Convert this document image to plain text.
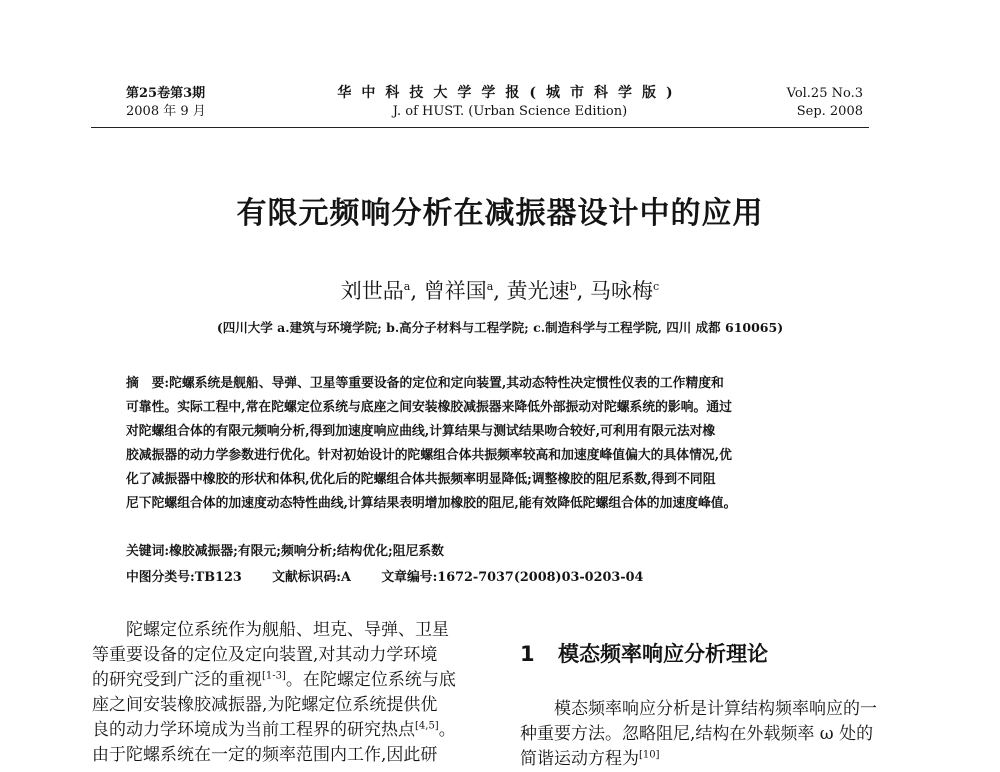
第25卷第3期
2008 年 9 月
华中科技大学学报(城市科学版)
J. of HUST. (Urban Science Edition)
Vol.25 No.3
Sep. 2008
有限元频响分析在减振器设计中的应用
刘世品$^a$, 曾祥国$^a$, 黄光速$^b$, 马咏梅$^c$
(四川大学 a.建筑与环境学院; b.高分子材料与工程学院; c.制造科学与工程学院, 四川 成都 610065)
摘　要:陀螺系统是舰船、导弹、卫星等重要设备的定位和定向装置,其动态特性决定惯性仪表的工作精度和
可靠性。实际工程中,常在陀螺定位系统与底座之间安装橡胶减振器来降低外部振动对陀螺系统的影响。通过
对陀螺组合体的有限元频响分析,得到加速度响应曲线,计算结果与测试结果吻合较好,可利用有限元法对橡
胶减振器的动力学参数进行优化。针对初始设计的陀螺组合体共振频率较高和加速度峰值偏大的具体情况,优
化了减振器中橡胶的形状和体积,优化后的陀螺组合体共振频率明显降低;调整橡胶的阻尼系数,得到不同阻
尼下陀螺组合体的加速度动态特性曲线,计算结果表明增加橡胶的阻尼,能有效降低陀螺组合体的加速度峰值。
关键词:橡胶减振器;有限元;频响分析;结构优化;阻尼系数
中图分类号:TB123 文献标识码:A 文章编号:1672-7037(2008)03-0203-04
陀螺定位系统作为舰船、坦克、导弹、卫星
等重要设备的定位及定向装置,对其动力学环境
的研究受到广泛的重视[1-3]。在陀螺定位系统与底
座之间安装橡胶减振器,为陀螺定位系统提供优
良的动力学环境成为当前工程界的研究热点[4,5]。
由于陀螺系统在一定的频率范围内工作,因此研
1 模态频率响应分析理论
模态频率响应分析是计算结构频率响应的一
种重要方法。忽略阻尼,结构在外载频率 ω 处的
简谐运动方程为[10]
